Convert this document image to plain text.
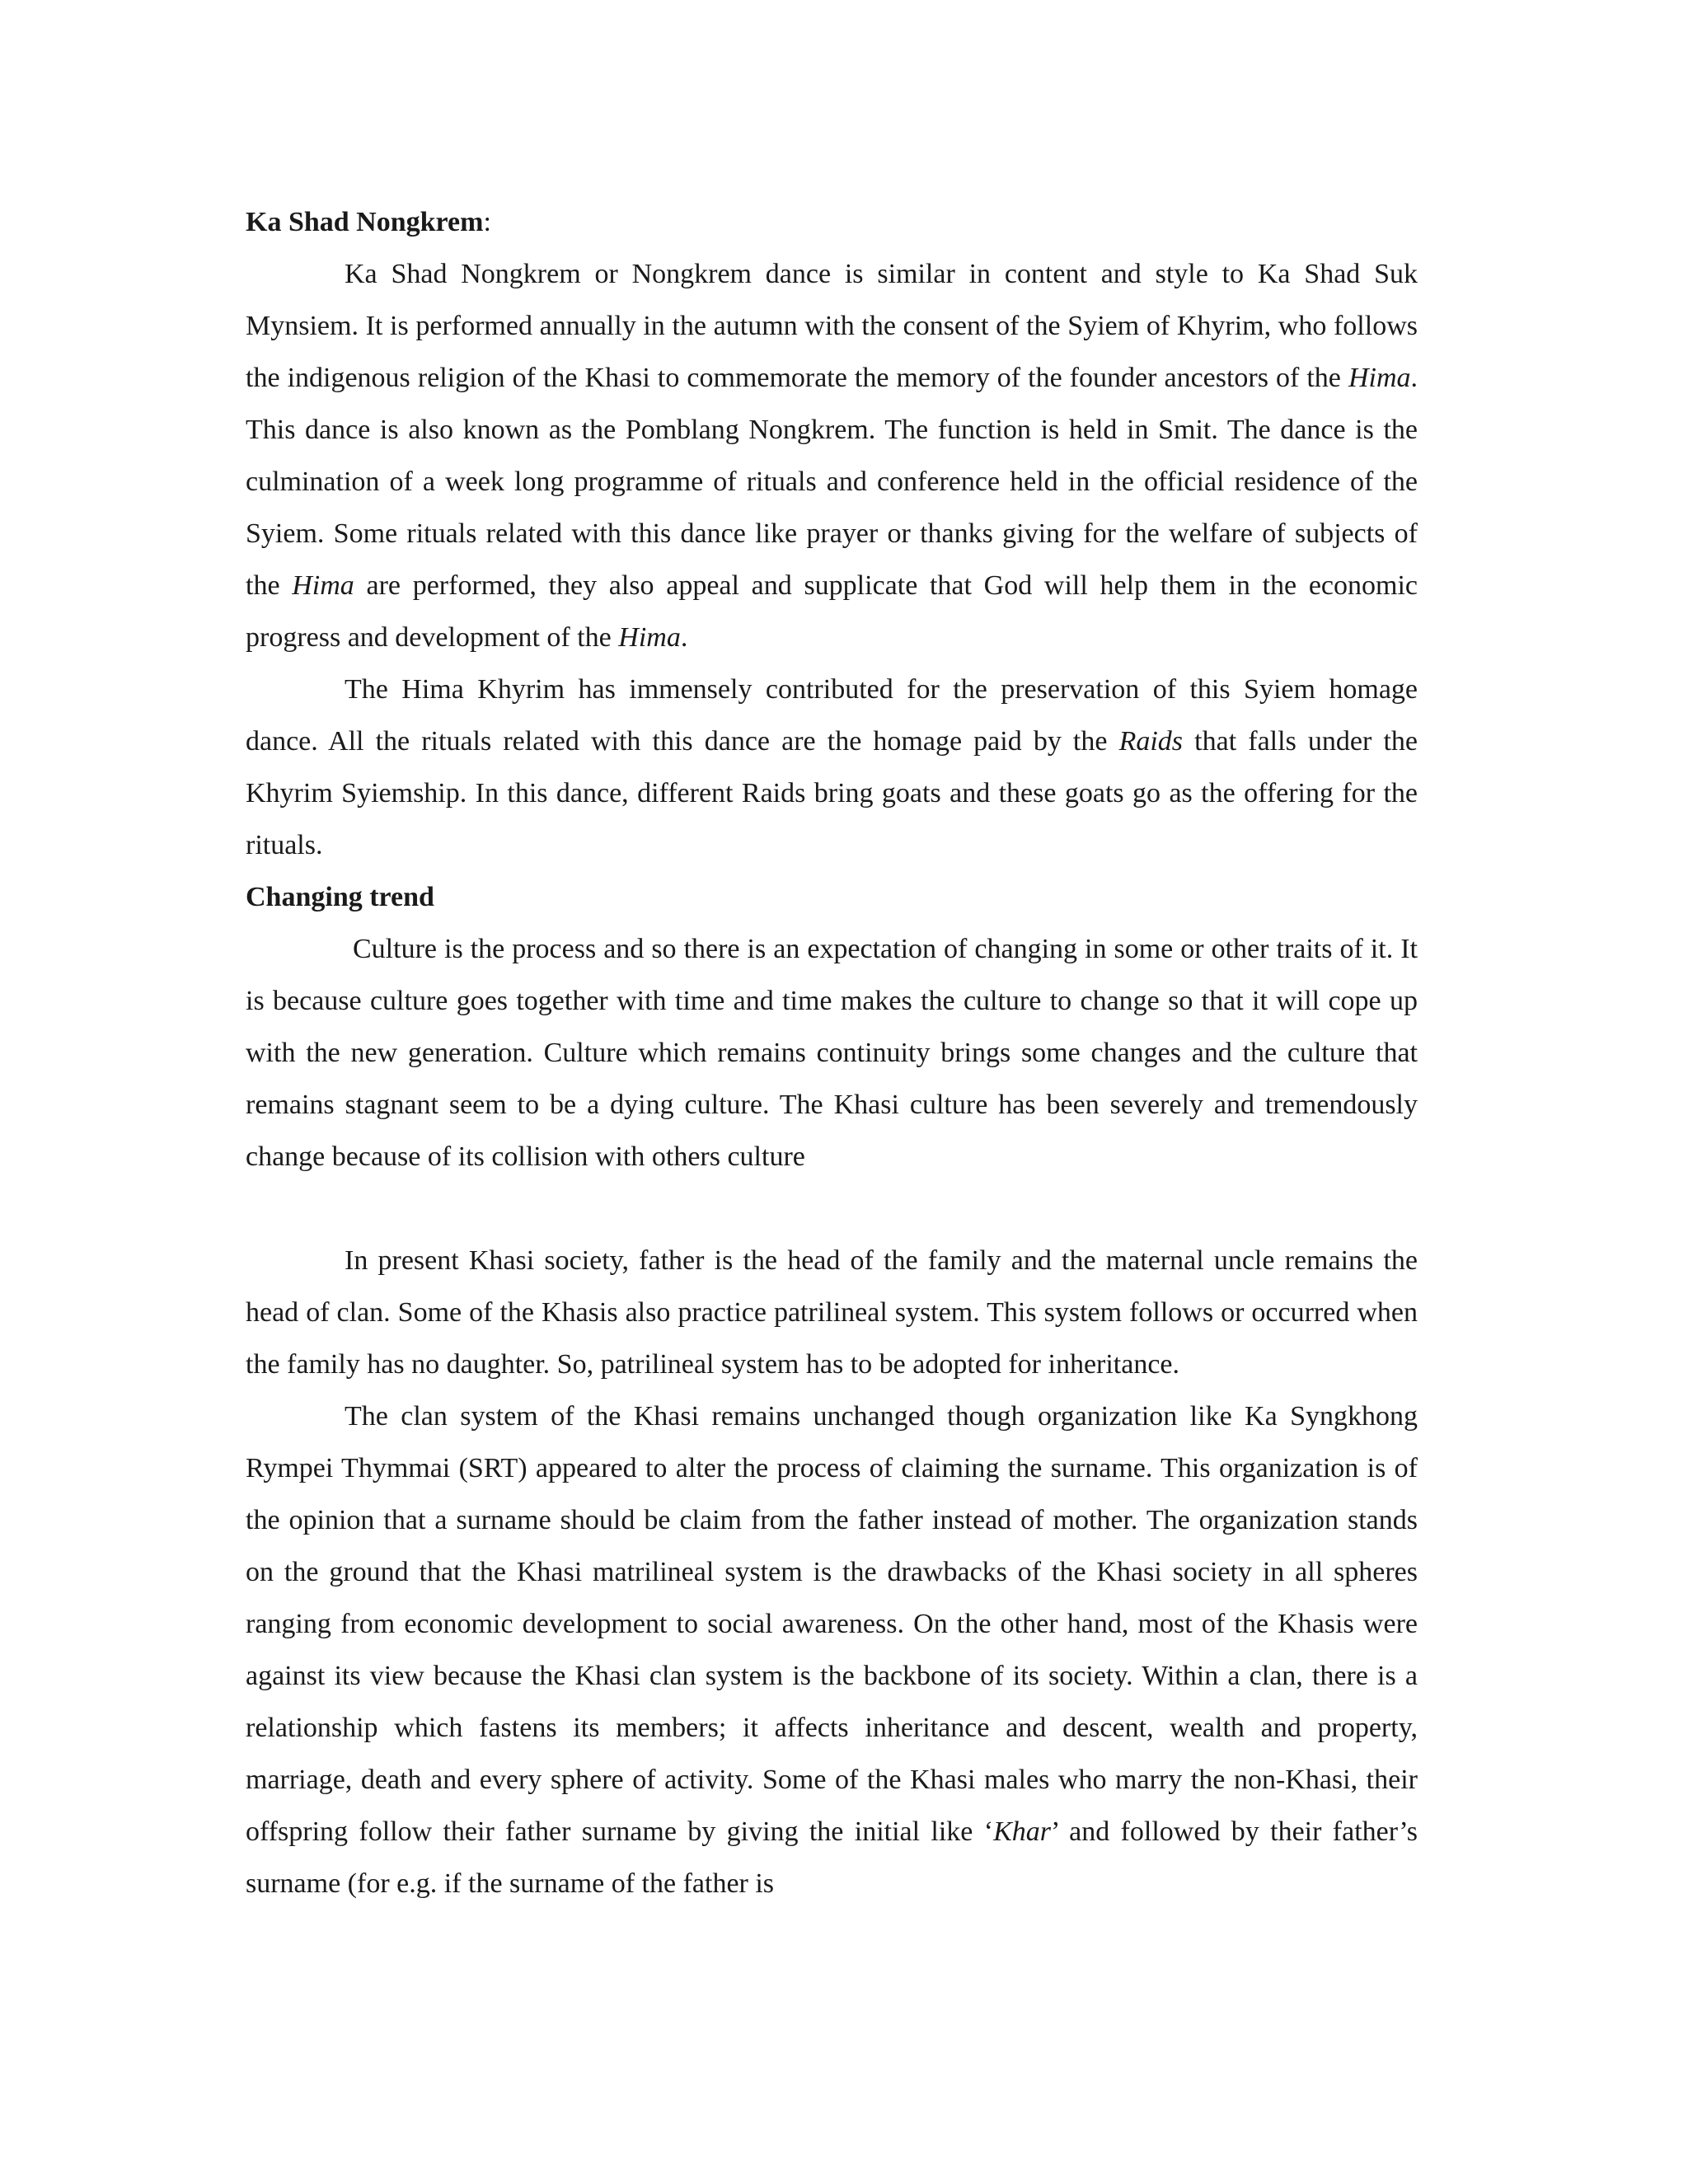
Ka Shad Nongkrem:

Ka Shad Nongkrem or Nongkrem dance is similar in content and style to Ka Shad Suk Mynsiem. It is performed annually in the autumn with the consent of the Syiem of Khyrim, who follows the indigenous religion of the Khasi to commemorate the memory of the founder ancestors of the Hima. This dance is also known as the Pomblang Nongkrem. The function is held in Smit. The dance is the culmination of a week long programme of rituals and conference held in the official residence of the Syiem. Some rituals related with this dance like prayer or thanks giving for the welfare of subjects of the Hima are performed, they also appeal and supplicate that God will help them in the economic progress and development of the Hima.

The Hima Khyrim has immensely contributed for the preservation of this Syiem homage dance. All the rituals related with this dance are the homage paid by the Raids that falls under the Khyrim Syiemship. In this dance, different Raids bring goats and these goats go as the offering for the rituals.

Changing trend

Culture is the process and so there is an expectation of changing in some or other traits of it. It is because culture goes together with time and time makes the culture to change so that it will cope up with the new generation. Culture which remains continuity brings some changes and the culture that remains stagnant seem to be a dying culture. The Khasi culture has been severely and tremendously change because of its collision with others culture

In present Khasi society, father is the head of the family and the maternal uncle remains the head of clan. Some of the Khasis also practice patrilineal system. This system follows or occurred when the family has no daughter. So, patrilineal system has to be adopted for inheritance.

The clan system of the Khasi remains unchanged though organization like Ka Syngkhong Rympei Thymmai (SRT) appeared to alter the process of claiming the surname. This organization is of the opinion that a surname should be claim from the father instead of mother. The organization stands on the ground that the Khasi matrilineal system is the drawbacks of the Khasi society in all spheres ranging from economic development to social awareness. On the other hand, most of the Khasis were against its view because the Khasi clan system is the backbone of its society. Within a clan, there is a relationship which fastens its members; it affects inheritance and descent, wealth and property, marriage, death and every sphere of activity. Some of the Khasi males who marry the non-Khasi, their offspring follow their father surname by giving the initial like ‘Khar’ and followed by their father’s surname (for e.g. if the surname of the father is
